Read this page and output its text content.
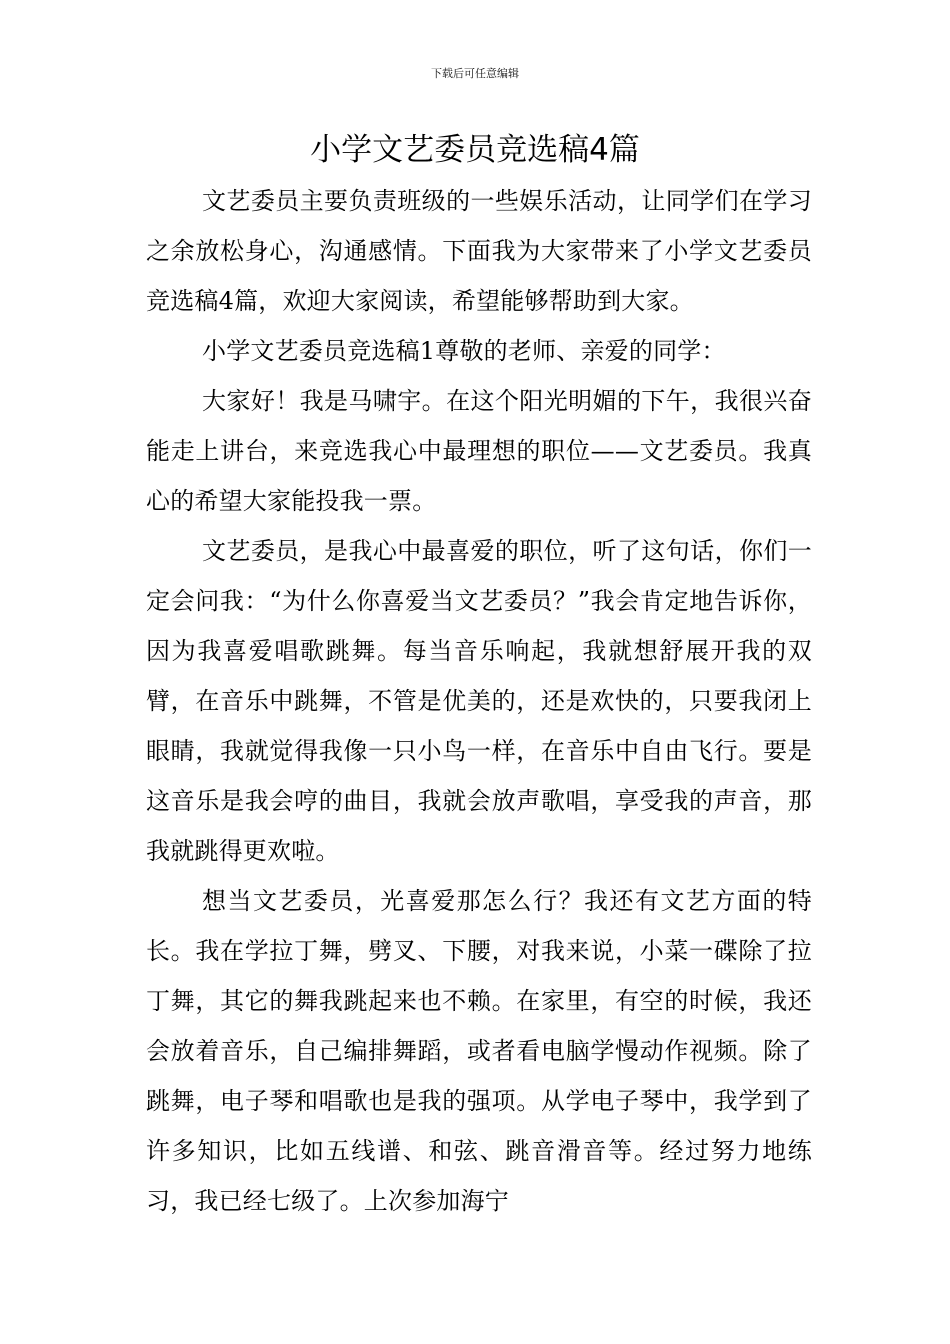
下载后可任意编辑
小学文艺委员竞选稿4篇

文艺委员主要负责班级的一些娱乐活动，让同学们在学习之余放松身心，沟通感情。下面我为大家带来了小学文艺委员竞选稿4篇，欢迎大家阅读，希望能够帮助到大家。

小学文艺委员竞选稿1尊敬的老师、亲爱的同学：

大家好！我是马啸宇。在这个阳光明媚的下午，我很兴奋能走上讲台，来竞选我心中最理想的职位——文艺委员。我真心的希望大家能投我一票。

文艺委员，是我心中最喜爱的职位，听了这句话，你们一定会问我：“为什么你喜爱当文艺委员？”我会肯定地告诉你，因为我喜爱唱歌跳舞。每当音乐响起，我就想舒展开我的双臂，在音乐中跳舞，不管是优美的，还是欢快的，只要我闭上眼睛，我就觉得我像一只小鸟一样，在音乐中自由飞行。要是这音乐是我会哼的曲目，我就会放声歌唱，享受我的声音，那我就跳得更欢啦。

想当文艺委员，光喜爱那怎么行？我还有文艺方面的特长。我在学拉丁舞，劈叉、下腰，对我来说，小菜一碟除了拉丁舞，其它的舞我跳起来也不赖。在家里，有空的时候，我还会放着音乐，自己编排舞蹈，或者看电脑学慢动作视频。除了跳舞，电子琴和唱歌也是我的强项。从学电子琴中，我学到了许多知识，比如五线谱、和弦、跳音滑音等。经过努力地练习，我已经七级了。上次参加海宁
